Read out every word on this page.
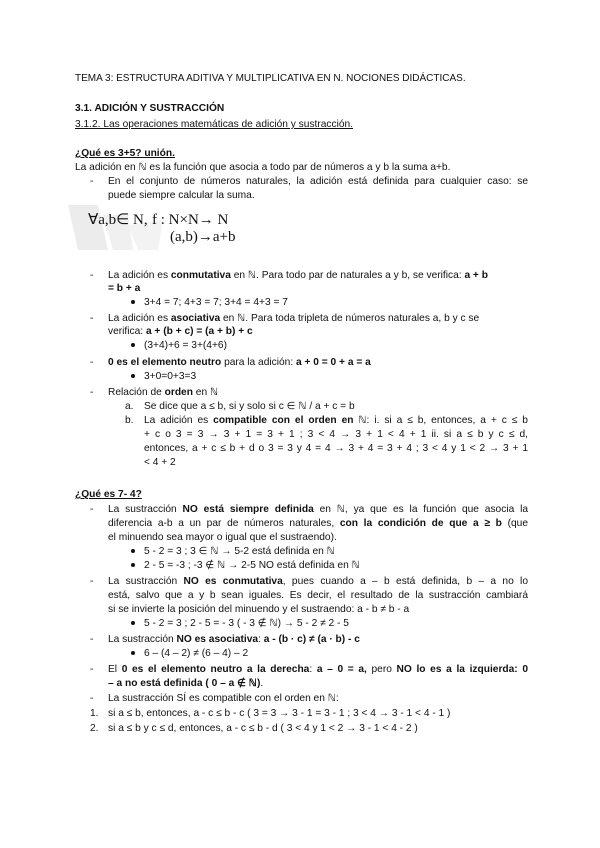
TEMA 3: ESTRUCTURA ADITIVA Y MULTIPLICATIVA EN N. NOCIONES DIDÁCTICAS.
3.1. ADICIÓN Y SUSTRACCIÓN
3.1.2. Las operaciones matemáticas de adición y sustracción.
¿Qué es 3+5? unión.
La adición en ℕ es la función que asocia a todo par de números a y b la suma a+b.
- En el conjunto de números naturales, la adición está definida para cualquier caso: se
puede siempre calcular la suma.
∀a,b∈ N, f : N×N→ N
(a,b)→a+b
- La adición es conmutativa en ℕ. Para todo par de naturales a y b, se verifica: a + b
= b + a
3+4 = 7; 4+3 = 7; 3+4 = 4+3 = 7
- La adición es asociativa en ℕ. Para toda tripleta de números naturales a, b y c se
verifica: a + (b + c) = (a + b) + c
(3+4)+6 = 3+(4+6)
- 0 es el elemento neutro para la adición: a + 0 = 0 + a = a
3+0=0+3=3
- Relación de orden en ℕ
a. Se dice que a ≤ b, si y solo si c ∈ ℕ / a + c = b
b. La adición es compatible con el orden en ℕ: i. si a ≤ b, entonces, a + c ≤ b
+ c o 3 = 3 → 3 + 1 = 3 + 1 ; 3 < 4 → 3 + 1 < 4 + 1 ii. si a ≤ b y c ≤ d,
entonces, a + c ≤ b + d o 3 = 3 y 4 = 4 → 3 + 4 = 3 + 4 ; 3 < 4 y 1 < 2 → 3 + 1
< 4 + 2
¿Qué es 7- 4?
- La sustracción NO está siempre definida en ℕ, ya que es la función que asocia la
diferencia a-b a un par de números naturales, con la condición de que a ≥ b (que
el minuendo sea mayor o igual que el sustraendo).
5 - 2 = 3 ; 3 ∈ ℕ → 5-2 está definida en ℕ
2 - 5 = -3 ; -3 ∉ ℕ → 2-5 NO está definida en ℕ
- La sustracción NO es conmutativa, pues cuando a – b está definida, b – a no lo
está, salvo que a y b sean iguales. Es decir, el resultado de la sustracción cambiará
si se invierte la posición del minuendo y el sustraendo: a - b ≠ b - a
5 - 2 = 3 ; 2 - 5 = - 3 ( - 3 ∉ ℕ) → 5 - 2 ≠ 2 - 5
- La sustracción NO es asociativa: a - (b · c) ≠ (a · b) - c
6 – (4 – 2) ≠ (6 – 4) – 2
- El 0 es el elemento neutro a la derecha: a – 0 = a, pero NO lo es a la izquierda: 0
– a no está definida ( 0 – a ∉ ℕ).
- La sustracción SÍ es compatible con el orden en ℕ:
1. si a ≤ b, entonces, a - c ≤ b - c ( 3 = 3 → 3 - 1 = 3 - 1 ; 3 < 4 → 3 - 1 < 4 - 1 )
2. si a ≤ b y c ≤ d, entonces, a - c ≤ b - d ( 3 < 4 y 1 < 2 → 3 - 1 < 4 - 2 )
